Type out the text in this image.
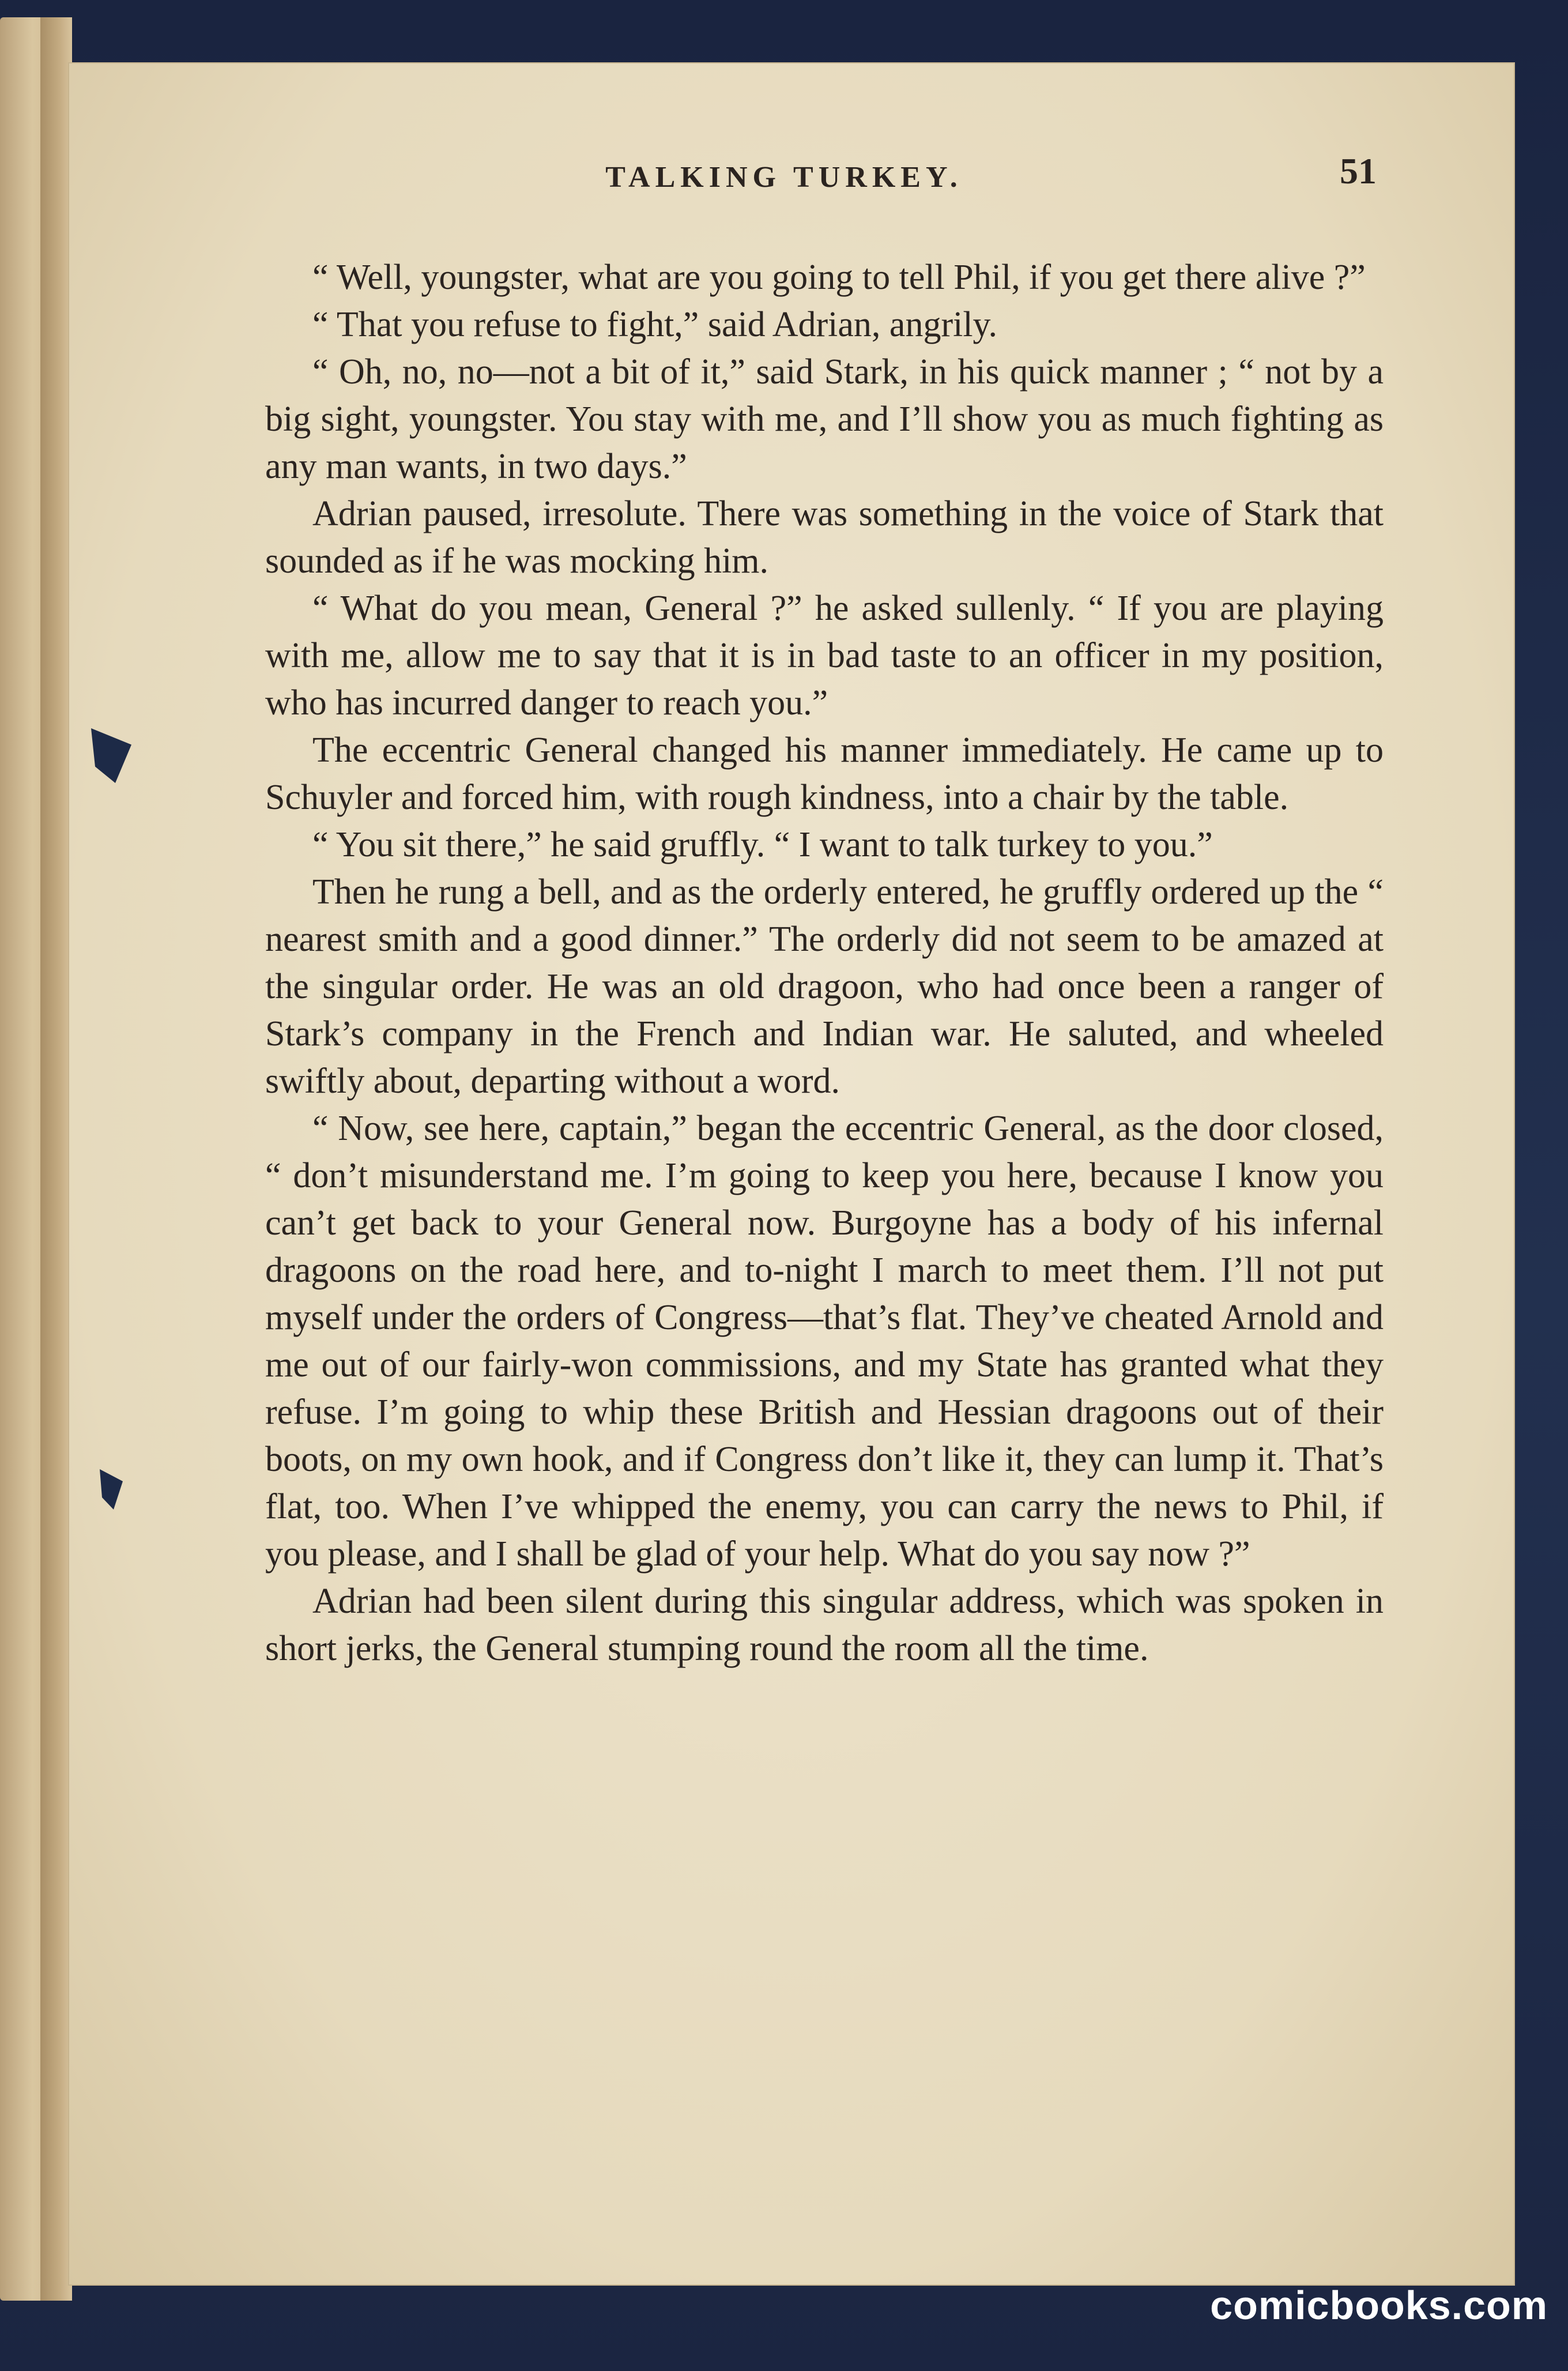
TALKING TURKEY.	51

“ Well, youngster, what are you going to tell Phil, if you get there alive ?”

“ That you refuse to fight,” said Adrian, angrily.

“ Oh, no, no—not a bit of it,” said Stark, in his quick manner ; “ not by a big sight, youngster. You stay with me, and I’ll show you as much fighting as any man wants, in two days.”

Adrian paused, irresolute. There was something in the voice of Stark that sounded as if he was mocking him.

“ What do you mean, General ?” he asked sullenly. “ If you are playing with me, allow me to say that it is in bad taste to an officer in my position, who has incurred danger to reach you.”

The eccentric General changed his manner immediately. He came up to Schuyler and forced him, with rough kindness, into a chair by the table.

“ You sit there,” he said gruffly. “ I want to talk turkey to you.”

Then he rung a bell, and as the orderly entered, he gruffly ordered up the “ nearest smith and a good dinner.” The orderly did not seem to be amazed at the singular order. He was an old dragoon, who had once been a ranger of Stark’s company in the French and Indian war. He saluted, and wheeled swiftly about, departing without a word.

“ Now, see here, captain,” began the eccentric General, as the door closed, “ don’t misunderstand me. I’m going to keep you here, because I know you can’t get back to your General now. Burgoyne has a body of his infernal dragoons on the road here, and to-night I march to meet them. I’ll not put myself under the orders of Congress—that’s flat. They’ve cheated Arnold and me out of our fairly-won commissions, and my State has granted what they refuse. I’m going to whip these British and Hessian dragoons out of their boots, on my own hook, and if Congress don’t like it, they can lump it. That’s flat, too. When I’ve whipped the enemy, you can carry the news to Phil, if you please, and I shall be glad of your help. What do you say now ?”

Adrian had been silent during this singular address, which was spoken in short jerks, the General stumping round the room all the time.

comicbooks.com
